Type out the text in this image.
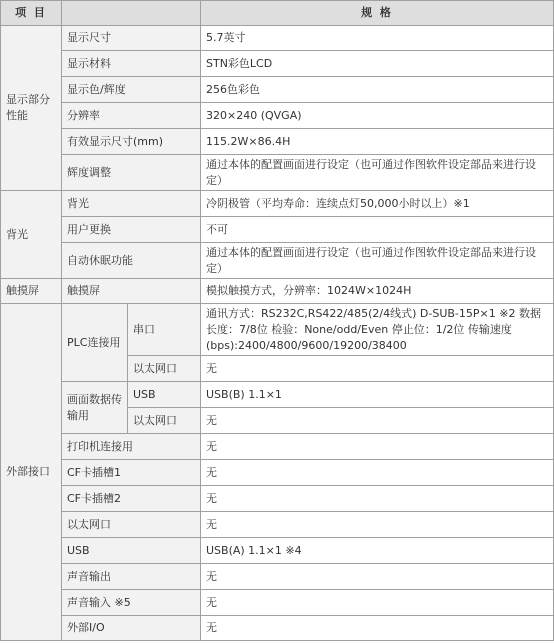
项 目			规 格
显示部分性能	显示尺寸		5.7英寸
	显示材料		STN彩色LCD
	显示色/辉度		256色彩色
	分辨率		320×240 (QVGA)
	有效显示尺寸(mm)		115.2W×86.4H
	辉度调整		通过本体的配置画面进行设定（也可通过作图软件设定部品来进行设定）
背光	背光		冷阴极管（平均寿命：连续点灯50,000小时以上）※1
	用户更换		不可
	自动休眠功能		通过本体的配置画面进行设定（也可通过作图软件设定部品来进行设定）
触摸屏	触摸屏		模拟触摸方式，分辨率：1024W×1024H
外部接口	PLC连接用	串口	通讯方式：RS232C,RS422/485(2/4线式) D-SUB-15P×1 ※2 数据长度：7/8位 检验：None/odd/Even 停止位：1/2位 传输速度(bps):2400/4800/9600/19200/38400
		以太网口	无
	画面数据传输用	USB	USB(B) 1.1×1
		以太网口	无
	打印机连接用		无
	CF卡插槽1		无
	CF卡插槽2		无
	以太网口		无
	USB		USB(A) 1.1×1 ※4
	声音输出		无
	声音输入 ※5		无
	外部I/O		无
